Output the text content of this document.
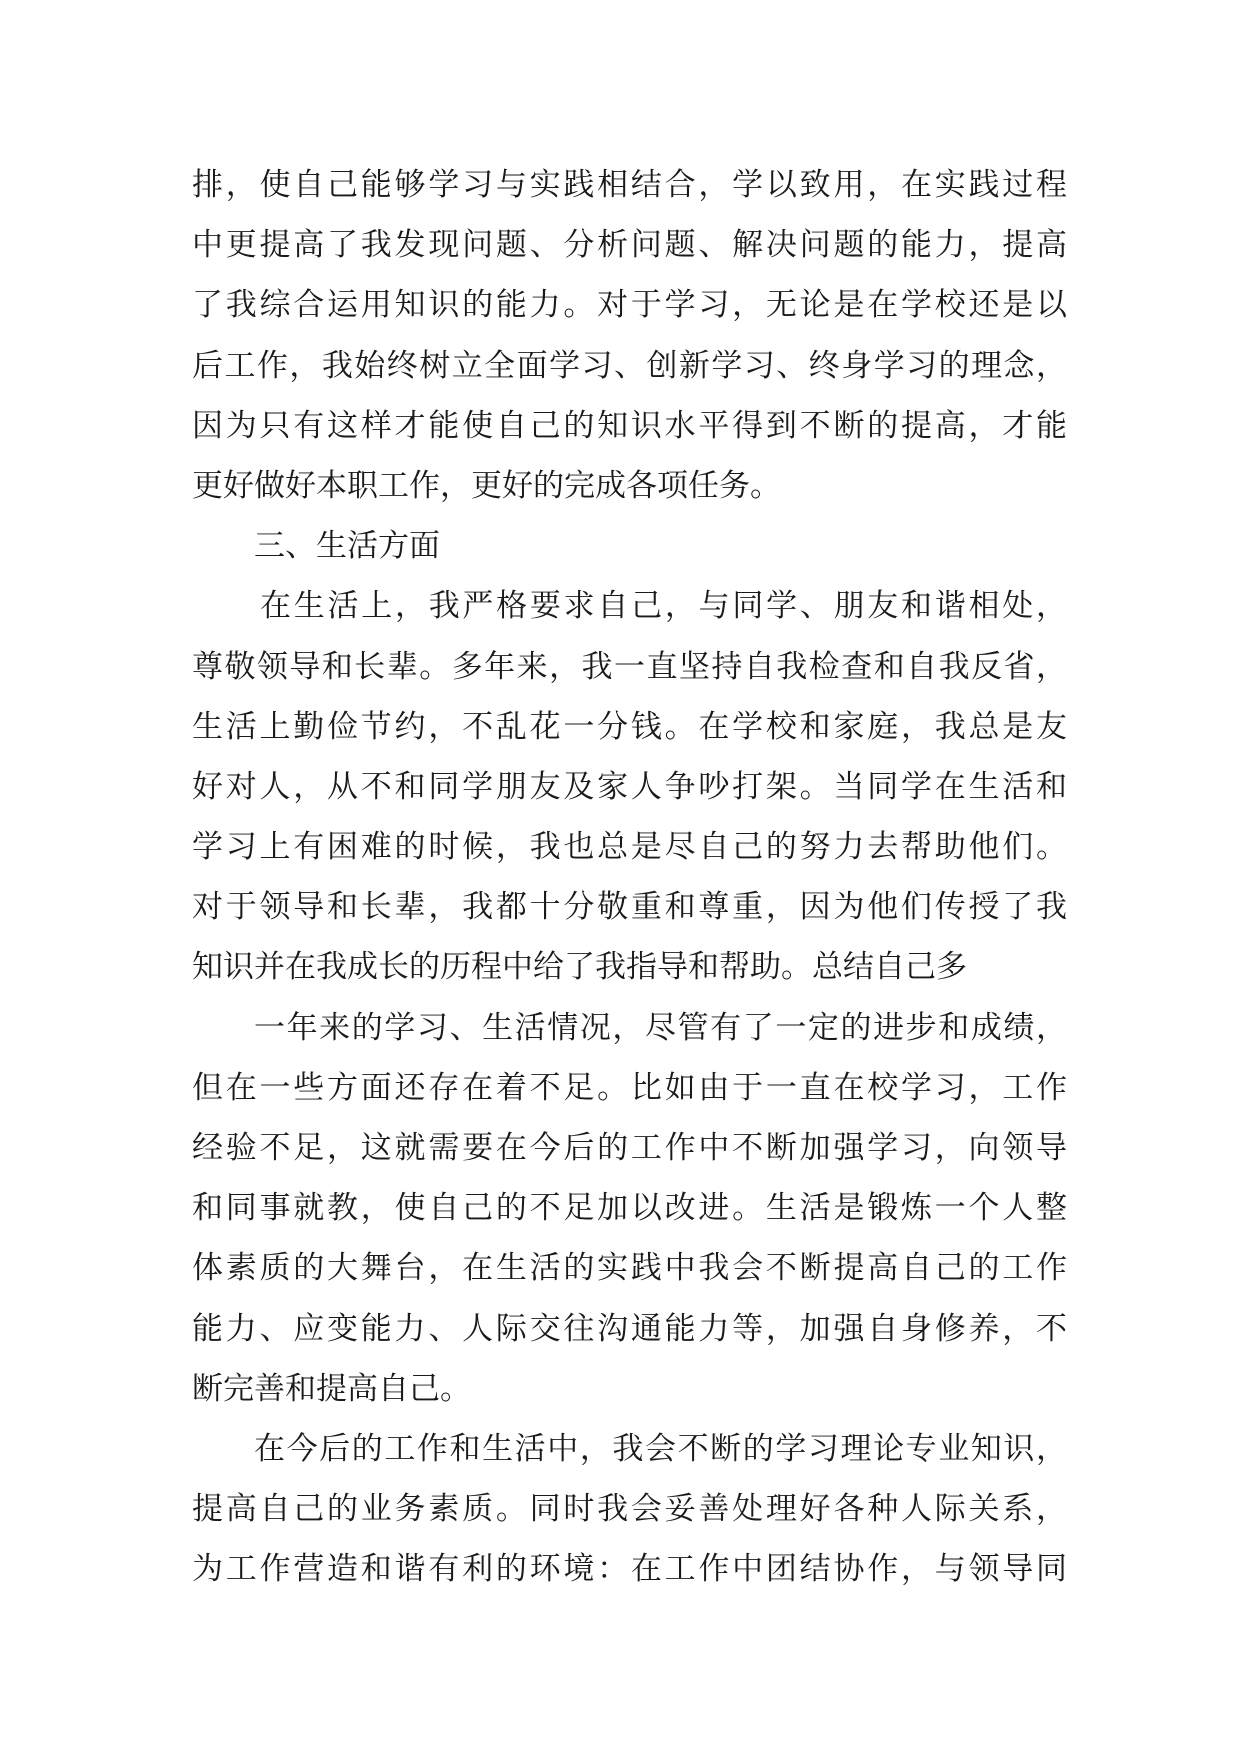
排，使自己能够学习与实践相结合，学以致用，在实践过程
中更提高了我发现问题、分析问题、解决问题的能力，提高
了我综合运用知识的能力。对于学习，无论是在学校还是以
后工作，我始终树立全面学习、创新学习、终身学习的理念，
因为只有这样才能使自己的知识水平得到不断的提高，才能
更好做好本职工作，更好的完成各项任务。
三、生活方面
在生活上，我严格要求自己，与同学、朋友和谐相处，
尊敬领导和长辈。多年来，我一直坚持自我检查和自我反省，
生活上勤俭节约，不乱花一分钱。在学校和家庭，我总是友
好对人，从不和同学朋友及家人争吵打架。当同学在生活和
学习上有困难的时候，我也总是尽自己的努力去帮助他们。
对于领导和长辈，我都十分敬重和尊重，因为他们传授了我
知识并在我成长的历程中给了我指导和帮助。总结自己多
一年来的学习、生活情况，尽管有了一定的进步和成绩，
但在一些方面还存在着不足。比如由于一直在校学习，工作
经验不足，这就需要在今后的工作中不断加强学习，向领导
和同事就教，使自己的不足加以改进。生活是锻炼一个人整
体素质的大舞台，在生活的实践中我会不断提高自己的工作
能力、应变能力、人际交往沟通能力等，加强自身修养，不
断完善和提高自己。
在今后的工作和生活中，我会不断的学习理论专业知识，
提高自己的业务素质。同时我会妥善处理好各种人际关系，
为工作营造和谐有利的环境：在工作中团结协作，与领导同
